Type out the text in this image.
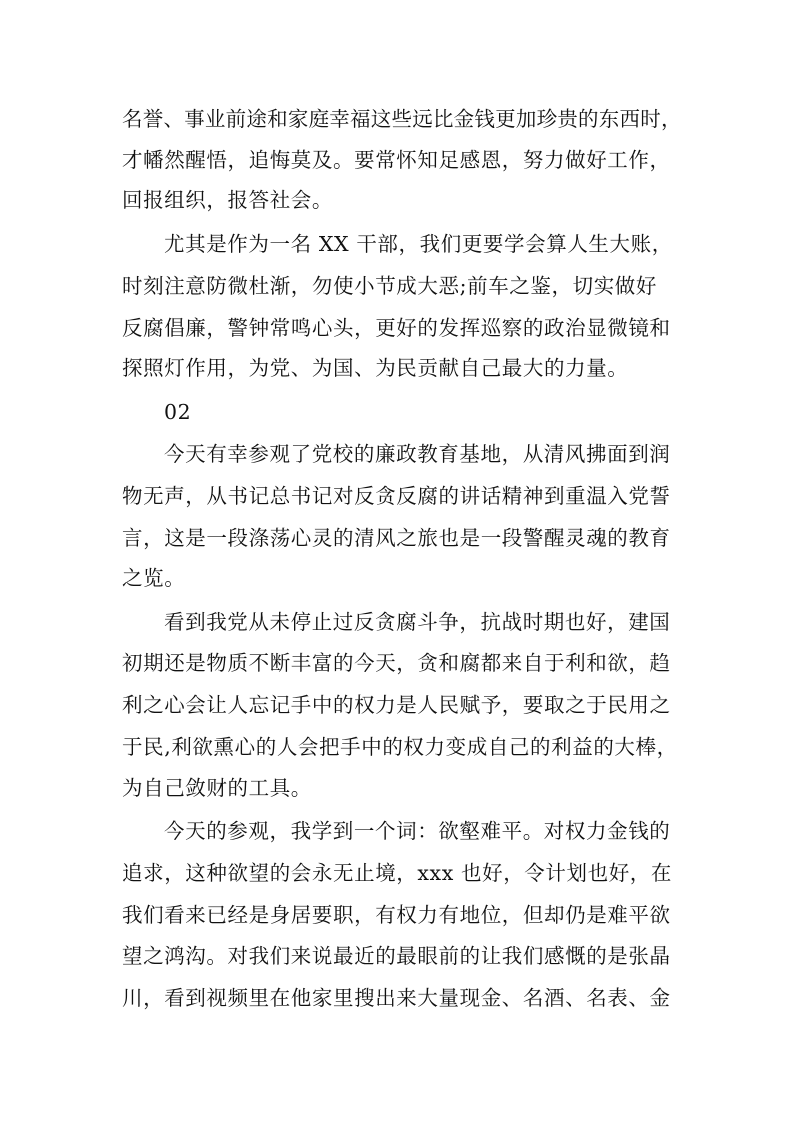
名誉、事业前途和家庭幸福这些远比金钱更加珍贵的东西时，
才幡然醒悟，追悔莫及。要常怀知足感恩，努力做好工作，
回报组织，报答社会。
尤其是作为一名 XX 干部，我们更要学会算人生大账，
时刻注意防微杜渐，勿使小节成大恶;前车之鉴，切实做好
反腐倡廉，警钟常鸣心头，更好的发挥巡察的政治显微镜和
探照灯作用，为党、为国、为民贡献自己最大的力量。
02
今天有幸参观了党校的廉政教育基地，从清风拂面到润
物无声，从书记总书记对反贪反腐的讲话精神到重温入党誓
言，这是一段涤荡心灵的清风之旅也是一段警醒灵魂的教育
之览。
看到我党从未停止过反贪腐斗争，抗战时期也好，建国
初期还是物质不断丰富的今天，贪和腐都来自于利和欲，趋
利之心会让人忘记手中的权力是人民赋予，要取之于民用之
于民,利欲熏心的人会把手中的权力变成自己的利益的大棒，
为自己敛财的工具。
今天的参观，我学到一个词：欲壑难平。对权力金钱的
追求，这种欲望的会永无止境，xxx 也好，令计划也好，在
我们看来已经是身居要职，有权力有地位，但却仍是难平欲
望之鸿沟。对我们来说最近的最眼前的让我们感慨的是张晶
川，看到视频里在他家里搜出来大量现金、名酒、名表、金
